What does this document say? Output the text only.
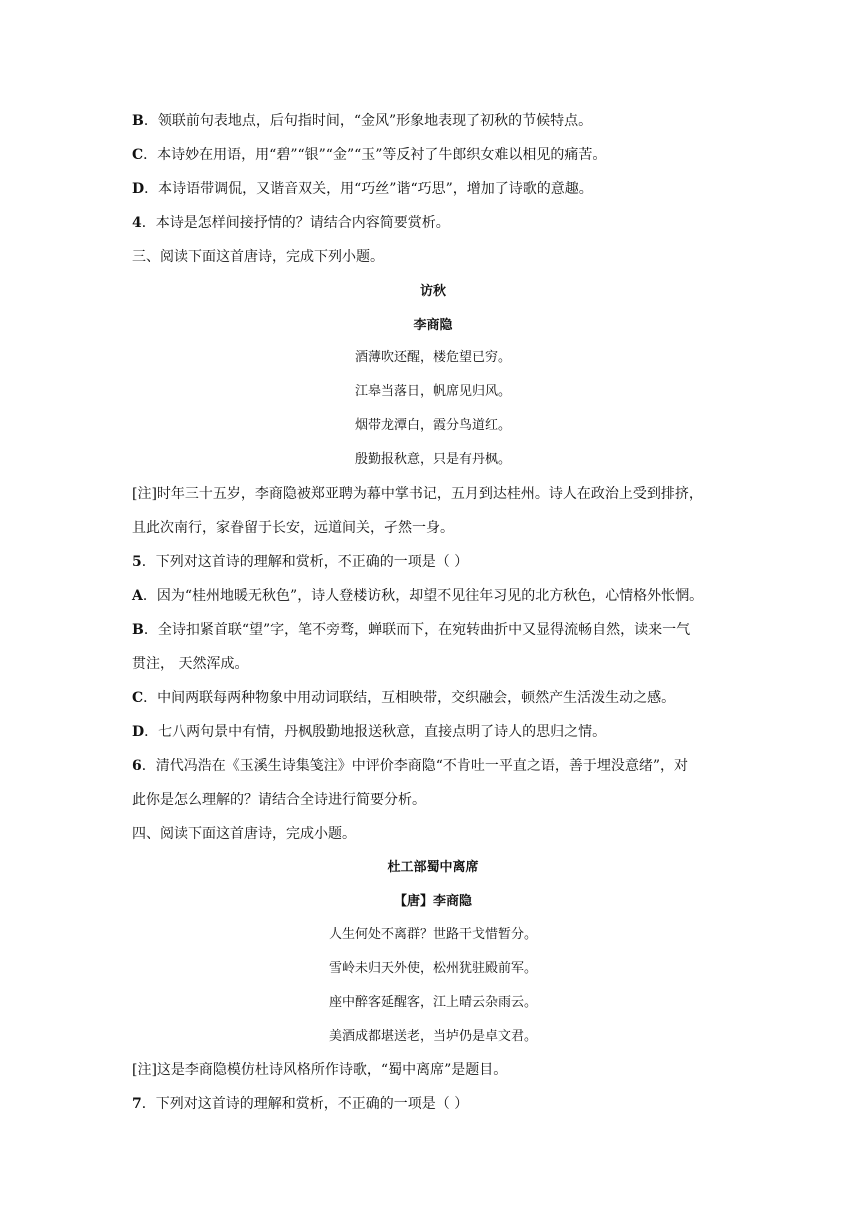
B．领联前句表地点，后句指时间，“金风”形象地表现了初秋的节候特点。
C．本诗妙在用语，用“碧”“银”“金”“玉”等反衬了牛郎织女难以相见的痛苦。
D．本诗语带调侃，又谐音双关，用“巧丝”谐“巧思”，增加了诗歌的意趣。
4．本诗是怎样间接抒情的？请结合内容简要赏析。
三、阅读下面这首唐诗，完成下列小题。
访秋
李商隐
酒薄吹还醒，楼危望已穷。
江皋当落日，帆席见归风。
烟带龙潭白，霞分鸟道红。
殷勤报秋意，只是有丹枫。
[注]时年三十五岁，李商隐被郑亚聘为幕中掌书记，五月到达桂州。诗人在政治上受到排挤，
且此次南行，家眷留于长安，远道间关，孑然一身。
5．下列对这首诗的理解和赏析，不正确的一项是（ ）
A．因为“桂州地暖无秋色”，诗人登楼访秋，却望不见往年习见的北方秋色，心情格外怅惘。
B．全诗扣紧首联“望”字，笔不旁骛，蝉联而下，在宛转曲折中又显得流畅自然，读来一气
贯注， 天然浑成。
C．中间两联每两种物象中用动词联结，互相映带，交织融会，顿然产生活泼生动之感。
D．七八两句景中有情，丹枫殷勤地报送秋意，直接点明了诗人的思归之情。
6．清代冯浩在《玉溪生诗集笺注》中评价李商隐“不肯吐一平直之语，善于埋没意绪”，对
此你是怎么理解的？请结合全诗进行简要分析。
四、阅读下面这首唐诗，完成小题。
杜工部蜀中离席
【唐】李商隐
人生何处不离群？世路干戈惜暂分。
雪岭未归天外使，松州犹驻殿前军。
座中醉客延醒客，江上晴云杂雨云。
美酒成都堪送老，当垆仍是卓文君。
[注]这是李商隐模仿杜诗风格所作诗歌，“蜀中离席”是题目。
7．下列对这首诗的理解和赏析，不正确的一项是（ ）
